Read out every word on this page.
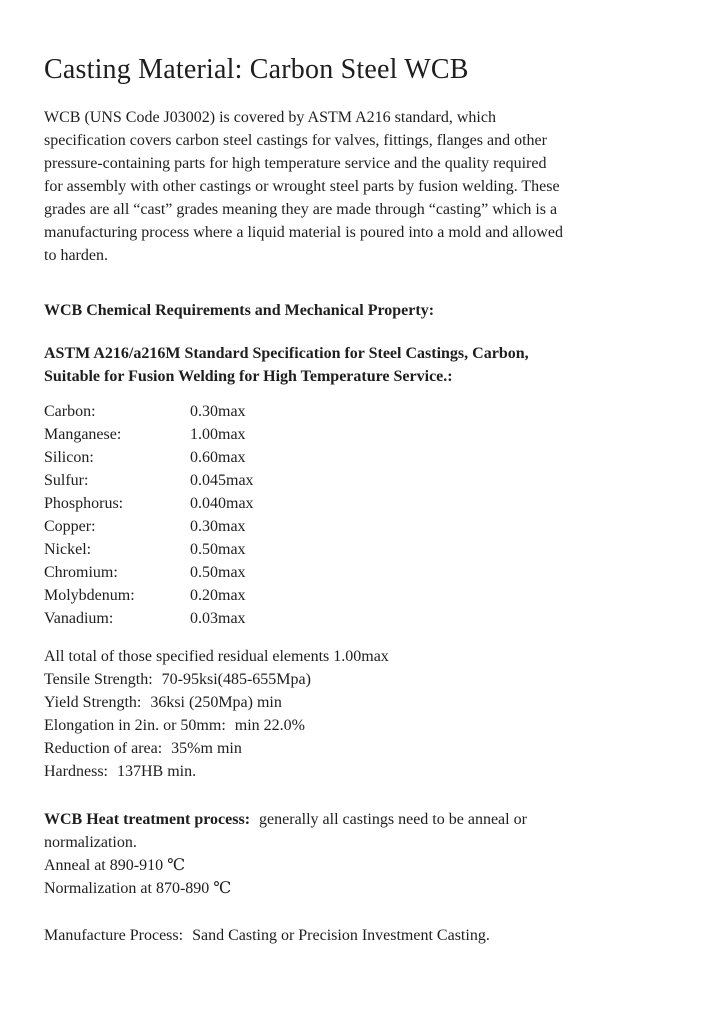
Casting Material: Carbon Steel WCB
WCB (UNS Code J03002) is covered by ASTM A216 standard, which
specification covers carbon steel castings for valves, fittings, flanges and other
pressure-containing parts for high temperature service and the quality required
for assembly with other castings or wrought steel parts by fusion welding. These
grades are all “cast” grades meaning they are made through “casting” which is a
manufacturing process where a liquid material is poured into a mold and allowed
to harden.
WCB Chemical Requirements and Mechanical Property:
ASTM A216/a216M Standard Specification for Steel Castings, Carbon,
Suitable for Fusion Welding for High Temperature Service.:
Carbon:	0.30max
Manganese:	1.00max
Silicon:	0.60max
Sulfur:	0.045max
Phosphorus:	0.040max
Copper:	0.30max
Nickel:	0.50max
Chromium:	0.50max
Molybdenum:	0.20max
Vanadium:	0.03max
All total of those specified residual elements 1.00max
Tensile Strength: 70-95ksi(485-655Mpa)
Yield Strength: 36ksi (250Mpa) min
Elongation in 2in. or 50mm: min 22.0%
Reduction of area: 35%m min
Hardness: 137HB min.
WCB Heat treatment process: generally all castings need to be anneal or
normalization.
Anneal at 890-910 ℃
Normalization at 870-890 ℃
Manufacture Process: Sand Casting or Precision Investment Casting.
